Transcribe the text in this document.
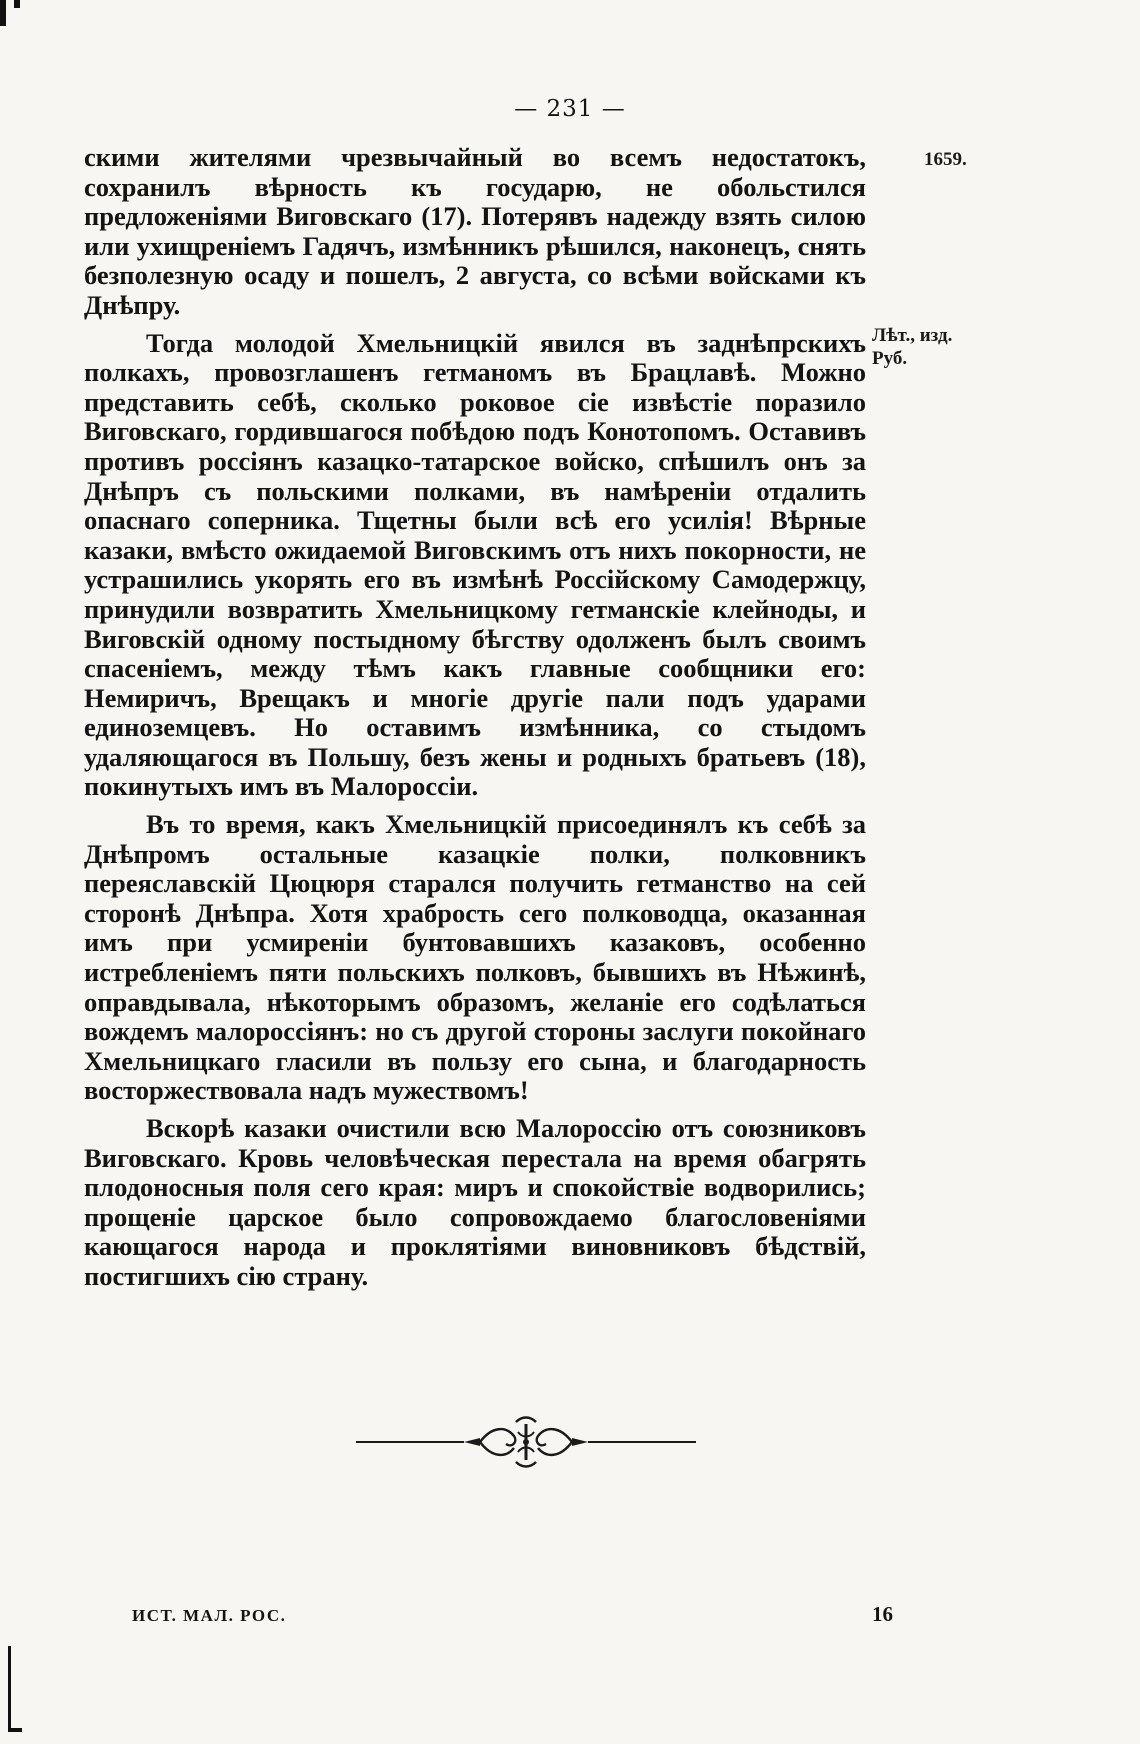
— 231 —
1659.
Лѣт., изд. Руб.

скими жителями чрезвычайный во всемъ недостатокъ, сохранилъ вѣрность къ государю, не обольстился предложеніями Виговскаго (17). Потерявъ надежду взять силою или ухищреніемъ Гадячъ, измѣнникъ рѣшился, наконецъ, снять безполезную осаду и пошелъ, 2 августа, со всѣми войсками къ Днѣпру.

Тогда молодой Хмельницкій явился въ заднѣпрскихъ полкахъ, провозглашенъ гетманомъ въ Брацлавѣ. Можно представить себѣ, сколько роковое сіе извѣстіе поразило Виговскаго, гордившагося побѣдою подъ Конотопомъ. Оставивъ противъ россіянъ казацко-татарское войско, спѣшилъ онъ за Днѣпръ съ польскими полками, въ намѣреніи отдалить опаснаго соперника. Тщетны были всѣ его усилія! Вѣрные казаки, вмѣсто ожидаемой Виговскимъ отъ нихъ покорности, не устрашились укорять его въ измѣнѣ Россійскому Самодержцу, принудили возвратить Хмельницкому гетманскіе клейноды, и Виговскій одному постыдному бѣгству одолженъ былъ своимъ спасеніемъ, между тѣмъ какъ главные сообщники его: Немиричъ, Врещакъ и многіе другіе пали подъ ударами единоземцевъ. Но оставимъ измѣнника, со стыдомъ удаляющагося въ Польшу, безъ жены и родныхъ братьевъ (18), покинутыхъ имъ въ Малороссіи.

Въ то время, какъ Хмельницкій присоединялъ къ себѣ за Днѣпромъ остальные казацкіе полки, полковникъ переяславскій Цюцюря старался получить гетманство на сей сторонѣ Днѣпра. Хотя храбрость сего полководца, оказанная имъ при усмиреніи бунтовавшихъ казаковъ, особенно истребленіемъ пяти польскихъ полковъ, бывшихъ въ Нѣжинѣ, оправдывала, нѣкоторымъ образомъ, желаніе его содѣлаться вождемъ малороссіянъ: но съ другой стороны заслуги покойнаго Хмельницкаго гласили въ пользу его сына, и благодарность восторжествовала надъ мужествомъ!

Вскорѣ казаки очистили всю Малороссію отъ союзниковъ Виговскаго. Кровь человѣческая перестала на время обагрять плодоносныя поля сего края: миръ и спокойствіе водворились; прощеніе царское было сопровождаемо благословеніями кающагося народа и проклятіями виновниковъ бѣдствій, постигшихъ сію страну.

ИСТ. МАЛ. РОС.	16
